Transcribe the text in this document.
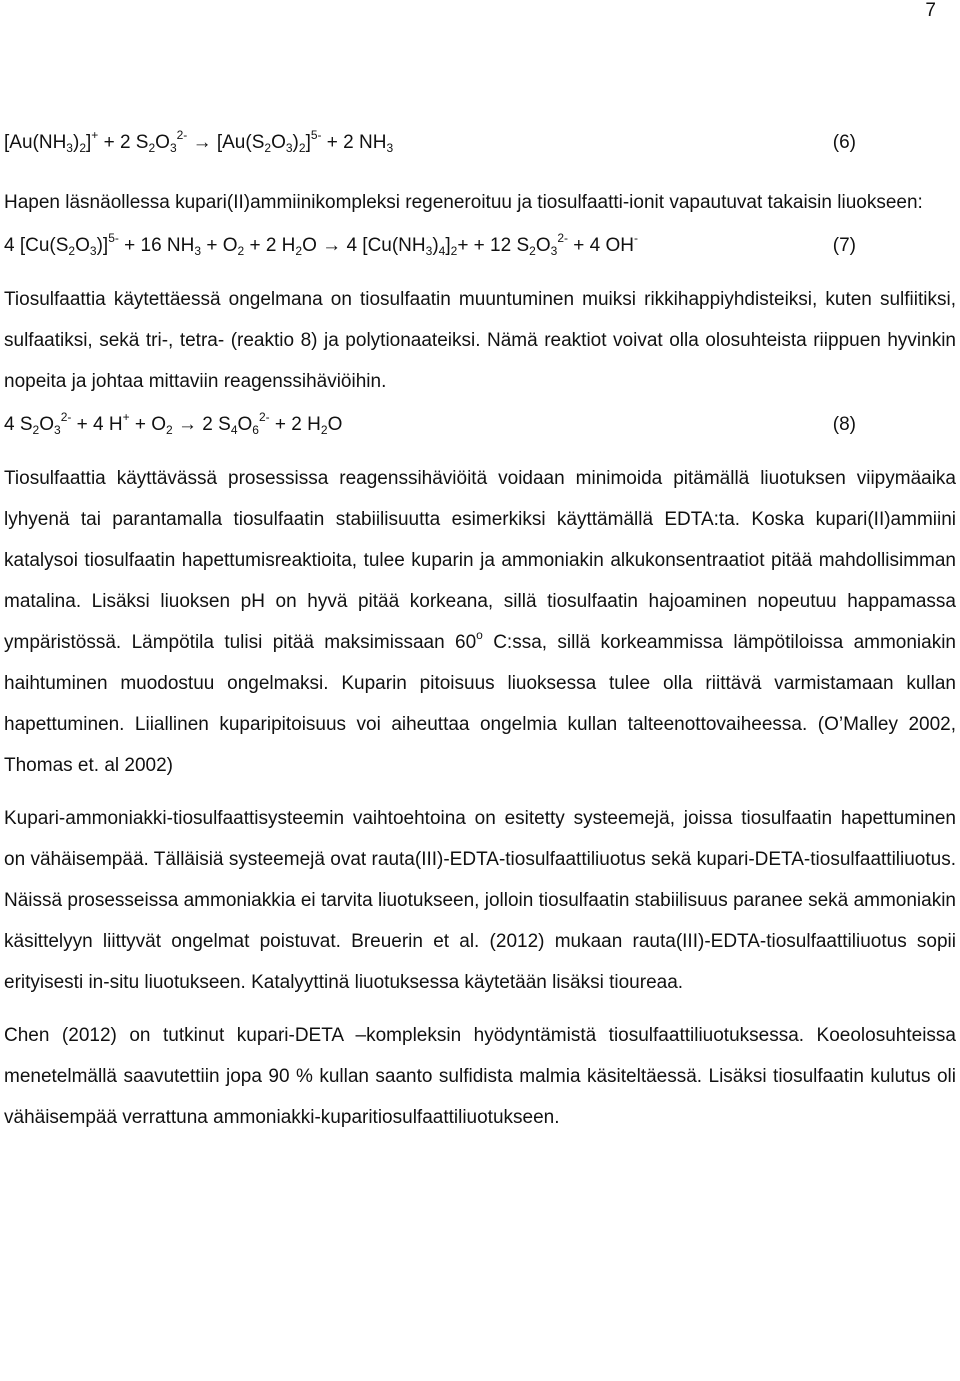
7
$[Au(NH_3)_2]^+ + 2$ $S_2O_3^{2-} \to [Au(S_2O_3)_2]^{5-} + 2$ $NH_3$	(6)

Hapen läsnäollessa kupari(II)ammiinikompleksi regeneroituu ja tiosulfaatti-ionit vapautuvat takaisin liuokseen:

4 $[Cu(S_2O_3)]^{5-} + 16$ $NH_3 + O_2 + 2$ $H_2O \to 4$ $[Cu(NH_3)_4]_2+ + 12$ $S_2O_3^{2-} + 4$ OH-	(7)

Tiosulfaattia käytettäessä ongelmana on tiosulfaatin muuntuminen muiksi rikkihappiyhdisteiksi, kuten sulfiitiksi, sulfaatiksi, sekä tri-, tetra- (reaktio 8) ja polytionaateiksi. Nämä reaktiot voivat olla olosuhteista riippuen hyvinkin nopeita ja johtaa mittaviin reagenssihäviöihin.

4 $S_2O_3^{2-} + 4$ $H^+ + O_2 \to 2$ $S_4O_6^{2-} + 2$ $H_2O$	(8)

Tiosulfaattia käyttävässä prosessissa reagenssihäviöitä voidaan minimoida pitämällä liuotuksen viipymäaika lyhyenä tai parantamalla tiosulfaatin stabiilisuutta esimerkiksi käyttämällä EDTA:ta. Koska kupari(II)ammiini katalysoi tiosulfaatin hapettumisreaktioita, tulee kuparin ja ammoniakin alkukonsentraatiot pitää mahdollisimman matalina. Lisäksi liuoksen pH on hyvä pitää korkeana, sillä tiosulfaatin hajoaminen nopeutuu happamassa ympäristössä. Lämpötila tulisi pitää maksimissaan 60$^o$ C:ssa, sillä korkeammissa lämpötiloissa ammoniakin haihtuminen muodostuu ongelmaksi. Kuparin pitoisuus liuoksessa tulee olla riittävä varmistamaan kullan hapettuminen. Liiallinen kuparipitoisuus voi aiheuttaa ongelmia kullan talteenottovaiheessa. (O’Malley 2002, Thomas et. al 2002)

Kupari-ammoniakki-tiosulfaattisysteemin vaihtoehtoina on esitetty systeemejä, joissa tiosulfaatin hapettuminen on vähäisempää. Tälläisiä systeemejä ovat rauta(III)-EDTA-tiosulfaattiliuotus sekä kupari-DETA-tiosulfaattiliuotus. Näissä prosesseissa ammoniakkia ei tarvita liuotukseen, jolloin tiosulfaatin stabiilisuus paranee sekä ammoniakin käsittelyyn liittyvät ongelmat poistuvat. Breuerin et al. (2012) mukaan rauta(III)-EDTA-tiosulfaattiliuotus sopii erityisesti in-situ liuotukseen. Katalyyttinä liuotuksessa käytetään lisäksi tioureaa.

Chen (2012) on tutkinut kupari-DETA –kompleksin hyödyntämistä tiosulfaattiliuotuksessa. Koeolosuhteissa menetelmällä saavutettiin jopa 90 % kullan saanto sulfidista malmia käsiteltäessä. Lisäksi tiosulfaatin kulutus oli vähäisempää verrattuna ammoniakki-kuparitiosulfaattiliuotukseen.
